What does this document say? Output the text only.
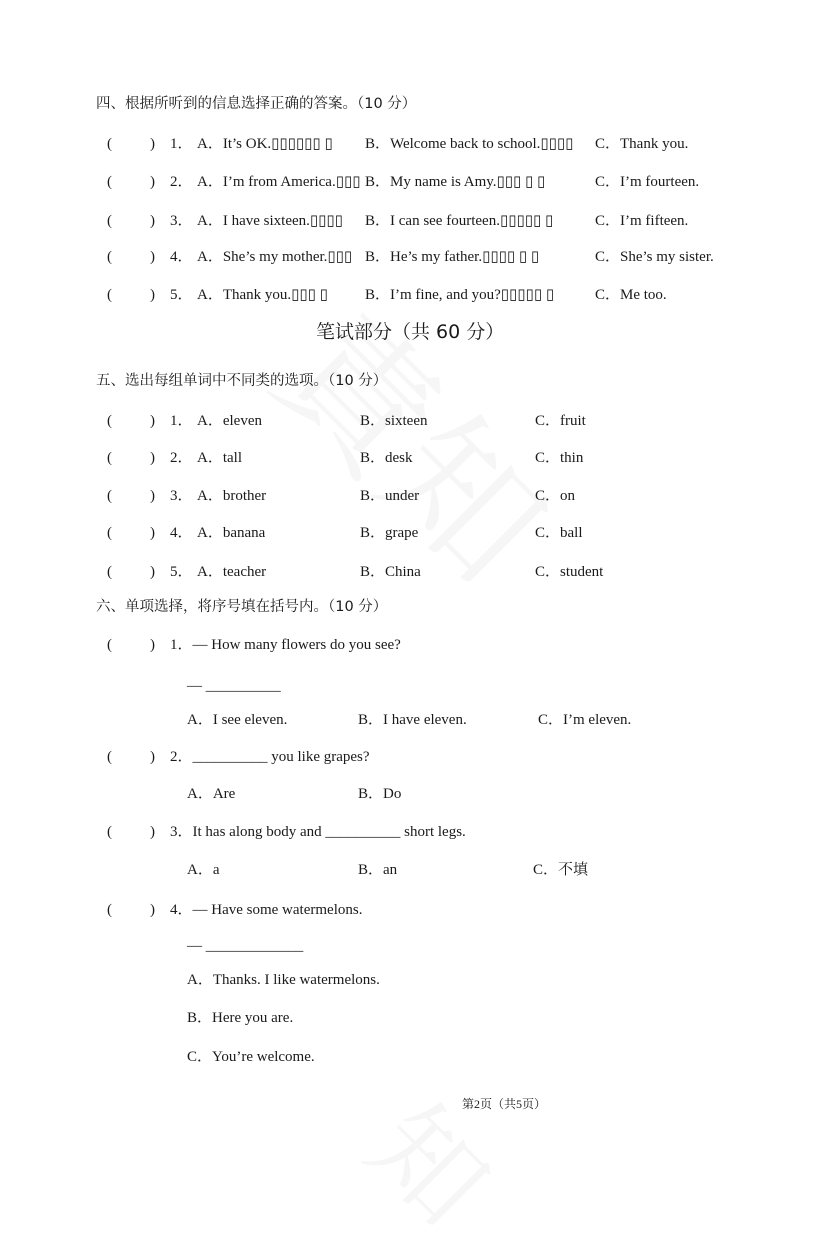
四、根据所听到的信息选择正确的答案。（10 分）
(	) 1． A．It’s OK.▯▯▯▯▯▯ ▯ B．Welcome back to school.▯▯▯▯ C．Thank you.
(	) 2． A．I’m from America.▯▯▯ B．My name is Amy.▯▯▯ ▯ ▯	C．I’m fourteen.
(	) 3． A．I have sixteen.▯▯▯▯ B．I can see fourteen.▯▯▯▯▯ ▯	C．I’m fifteen.
(	) 4． A．She’s my mother.▯▯▯ B．He’s my father.▯▯▯▯ ▯ ▯	C．She’s my sister.
(	) 5． A．Thank you.▯▯▯ ▯ B．I’m fine, and you?▯▯▯▯▯ ▯	C．Me too.
笔试部分（共 60 分）
五、选出每组单词中不同类的选项。（10 分）
(	) 1． A．eleven	B．sixteen	C．fruit
(	) 2． A．tall	B．desk	C．thin
(	) 3． A．brother	B．under	C．on
(	) 4． A．banana	B．grape	C．ball
(	) 5． A．teacher	B．China	C．student
六、单项选择，将序号填在括号内。（10 分）
(	) 1．— How many flowers do you see?
— __________
A．I see eleven.	B．I have eleven.	C．I’m eleven.
(	) 2．__________ you like grapes?
A．Are	B．Do
(	) 3．It has along body and __________ short legs.
A．a	B．an	C．不填
(	) 4．— Have some watermelons.
— _____________
A．Thanks. I like watermelons.
B．Here you are.
C．You’re welcome.
第2页（共5页）
